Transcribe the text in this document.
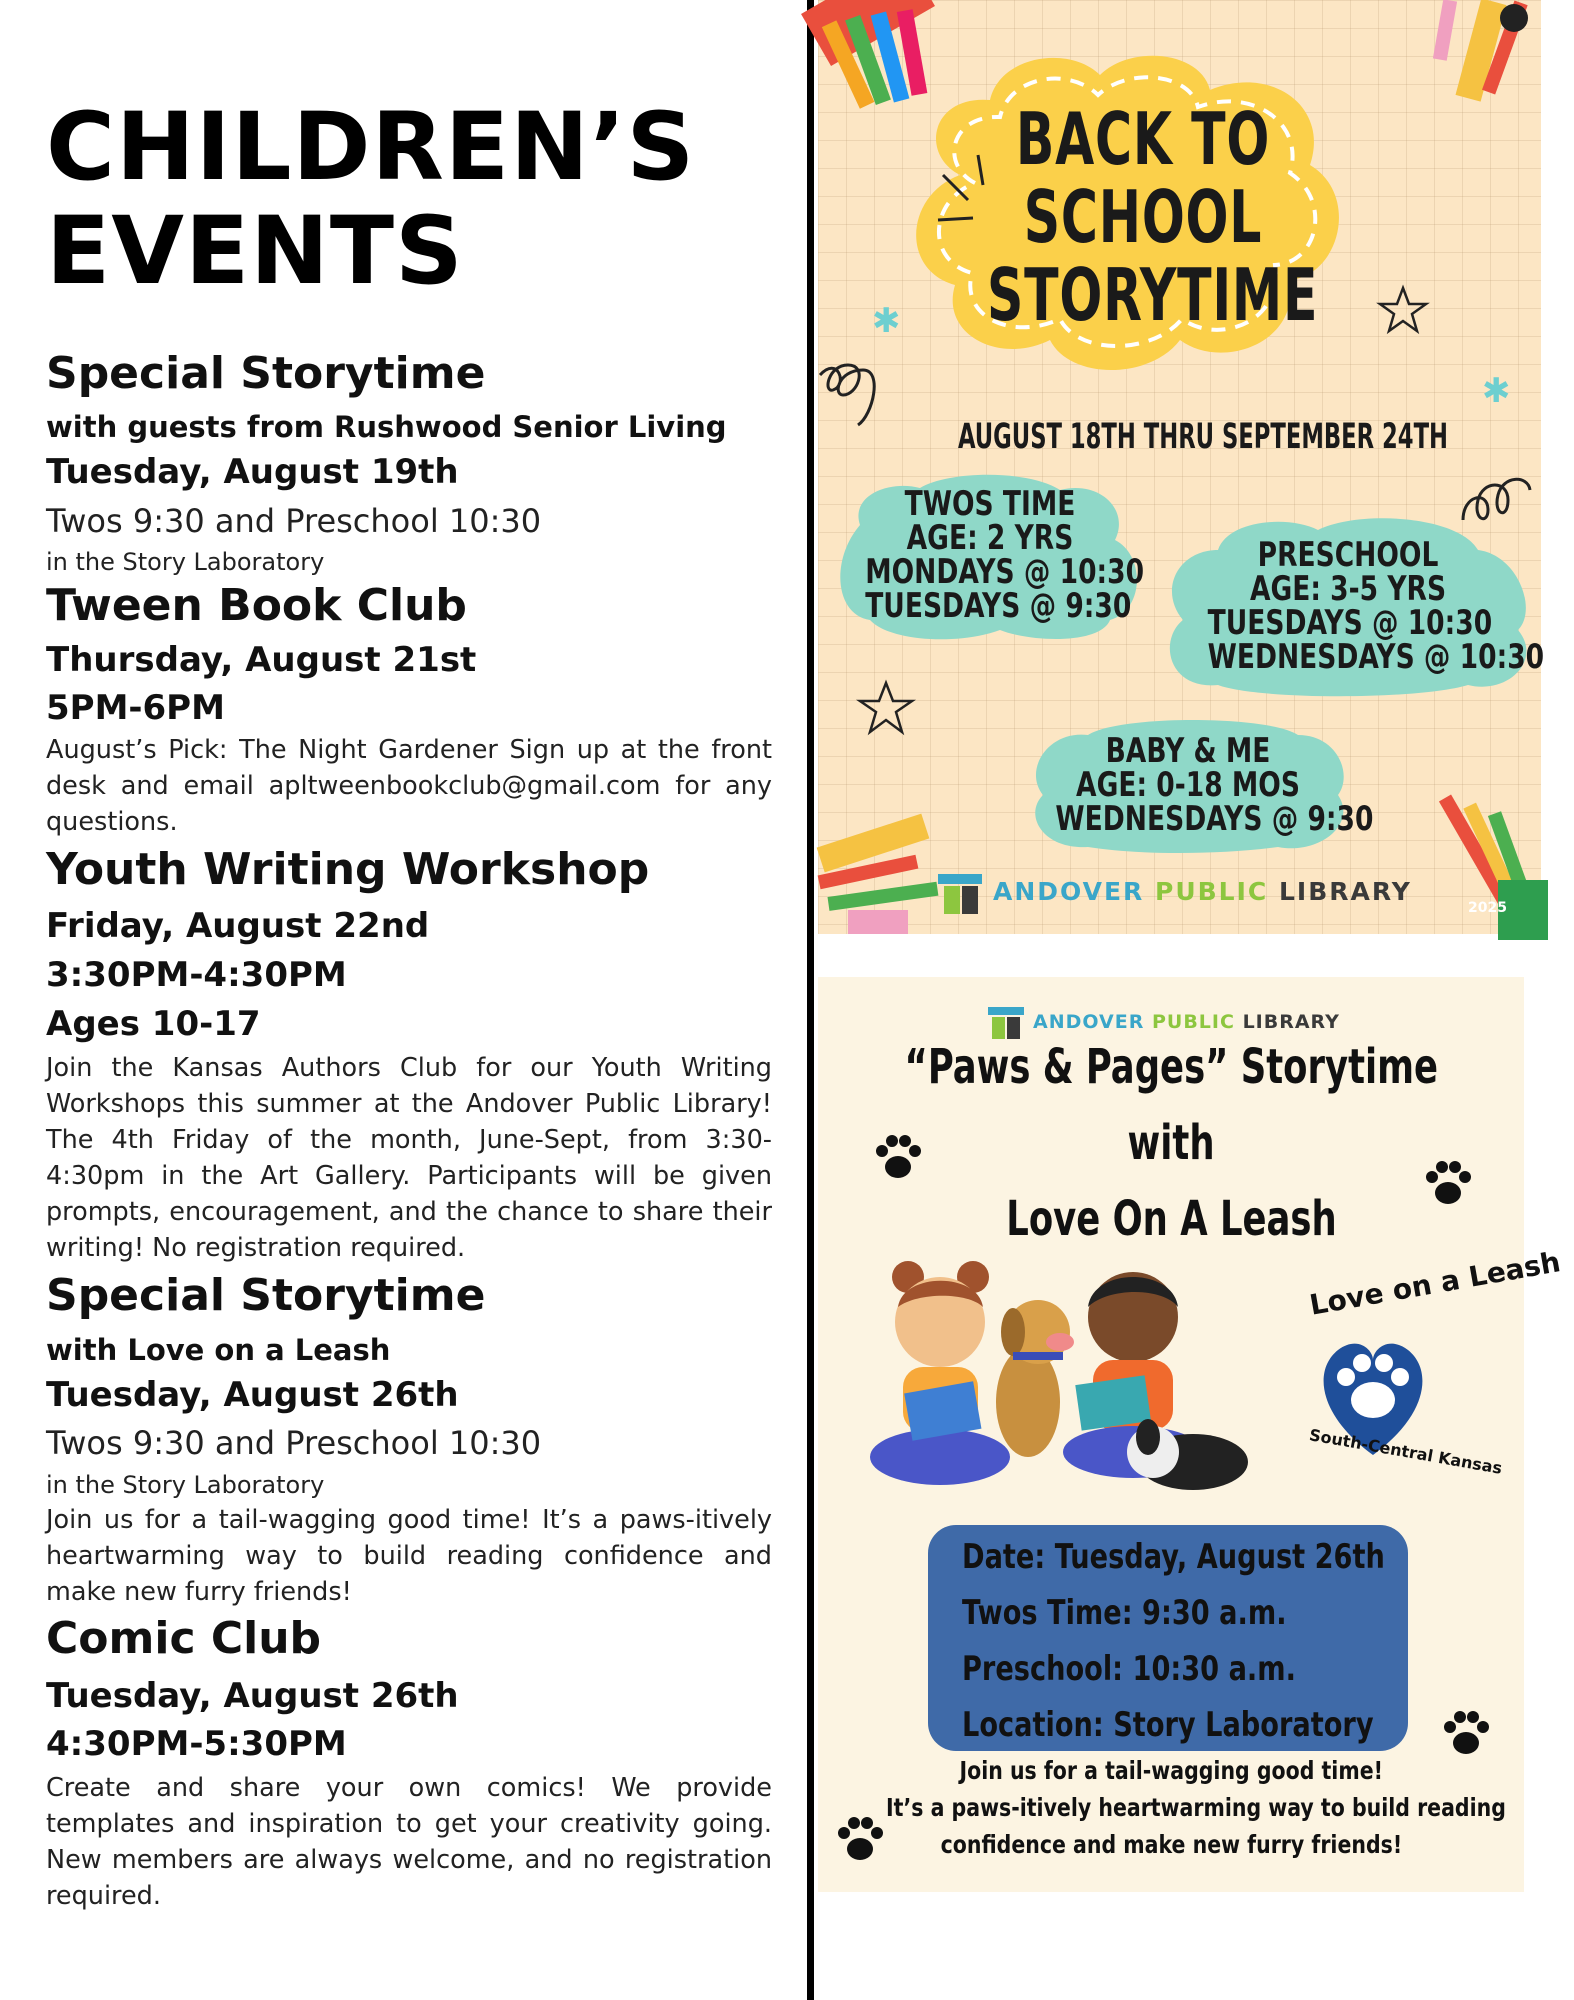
CHILDREN’S
EVENTS
Special Storytime
with guests from Rushwood Senior Living
Tuesday, August 19th
Twos 9:30 and Preschool 10:30
in the Story Laboratory
Tween Book Club
Thursday, August 21st
5PM-6PM
August’s Pick: The Night Gardener Sign up at the front desk and email apltweenbookclub@gmail.com for any questions.
Youth Writing Workshop
Friday, August 22nd
3:30PM-4:30PM
Ages 10-17
Join the Kansas Authors Club for our Youth Writing Workshops this summer at the Andover Public Library! The 4th Friday of the month, June-Sept, from 3:30-4:30pm in the Art Gallery. Participants will be given prompts, encouragement, and the chance to share their writing! No registration required.
Special Storytime
with Love on a Leash
Tuesday, August 26th
Twos 9:30 and Preschool 10:30
in the Story Laboratory
Join us for a tail-wagging good time! It’s a paws-itively heartwarming way to build reading confidence and make new furry friends!
Comic Club
Tuesday, August 26th
4:30PM-5:30PM
Create and share your own comics! We provide templates and inspiration to get your creativity going. New members are always welcome, and no registration required.
BACK TO
SCHOOL
STORYTIME
✱
✱
AUGUST 18TH THRU SEPTEMBER 24TH
TWOS TIME
AGE: 2 YRS
MONDAYS @ 10:30
TUESDAYS @ 9:30
PRESCHOOL
AGE: 3-5 YRS
TUESDAYS @ 10:30
WEDNESDAYS @ 10:30
BABY & ME
AGE: 0-18 MOS
WEDNESDAYS @ 9:30
ANDOVER PUBLIC LIBRARY
2025
ANDOVER PUBLIC LIBRARY
“Paws & Pages” Storytime
with
Love On A Leash
Love on a Leash
South-Central Kansas
Date: Tuesday, August 26th
Twos Time: 9:30 a.m.
Preschool: 10:30 a.m.
Location: Story Laboratory
Join us for a tail-wagging good time!
It’s a paws-itively heartwarming way to build reading
confidence and make new furry friends!
